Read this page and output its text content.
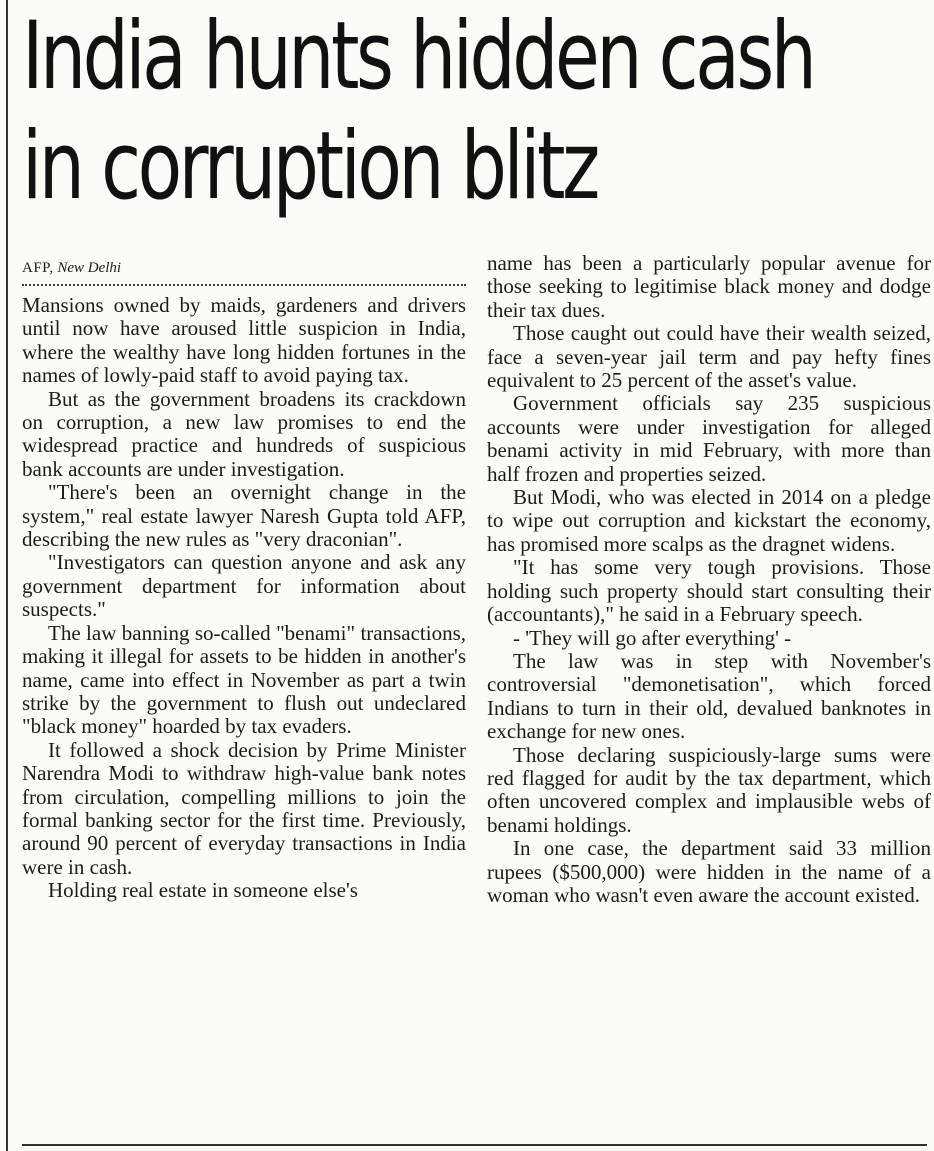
India hunts hidden cash
in corruption blitz
AFP, New Delhi

Mansions owned by maids, gardeners and drivers until now have aroused little suspicion in India, where the wealthy have long hidden fortunes in the names of lowly-paid staff to avoid paying tax.

But as the government broadens its crackdown on corruption, a new law promises to end the widespread practice and hundreds of suspicious bank accounts are under investigation.

"There's been an overnight change in the system," real estate lawyer Naresh Gupta told AFP, describing the new rules as "very draconian".

"Investigators can question anyone and ask any government department for information about suspects."

The law banning so-called "benami" transactions, making it illegal for assets to be hidden in another's name, came into effect in November as part a twin strike by the government to flush out undeclared "black money" hoarded by tax evaders.

It followed a shock decision by Prime Minister Narendra Modi to withdraw high-value bank notes from circulation, compelling millions to join the formal banking sector for the first time. Previously, around 90 percent of everyday transactions in India were in cash.

Holding real estate in someone else's

name has been a particularly popular avenue for those seeking to legitimise black money and dodge their tax dues.

Those caught out could have their wealth seized, face a seven-year jail term and pay hefty fines equivalent to 25 percent of the asset's value.

Government officials say 235 suspicious accounts were under investigation for alleged benami activity in mid February, with more than half frozen and properties seized.

But Modi, who was elected in 2014 on a pledge to wipe out corruption and kickstart the economy, has promised more scalps as the dragnet widens.

"It has some very tough provisions. Those holding such property should start consulting their (accountants)," he said in a February speech.

- 'They will go after everything' -

The law was in step with November's controversial "demonetisation", which forced Indians to turn in their old, devalued banknotes in exchange for new ones.

Those declaring suspiciously-large sums were red flagged for audit by the tax department, which often uncovered complex and implausible webs of benami holdings.

In one case, the department said 33 million rupees ($500,000) were hidden in the name of a woman who wasn't even aware the account existed.
